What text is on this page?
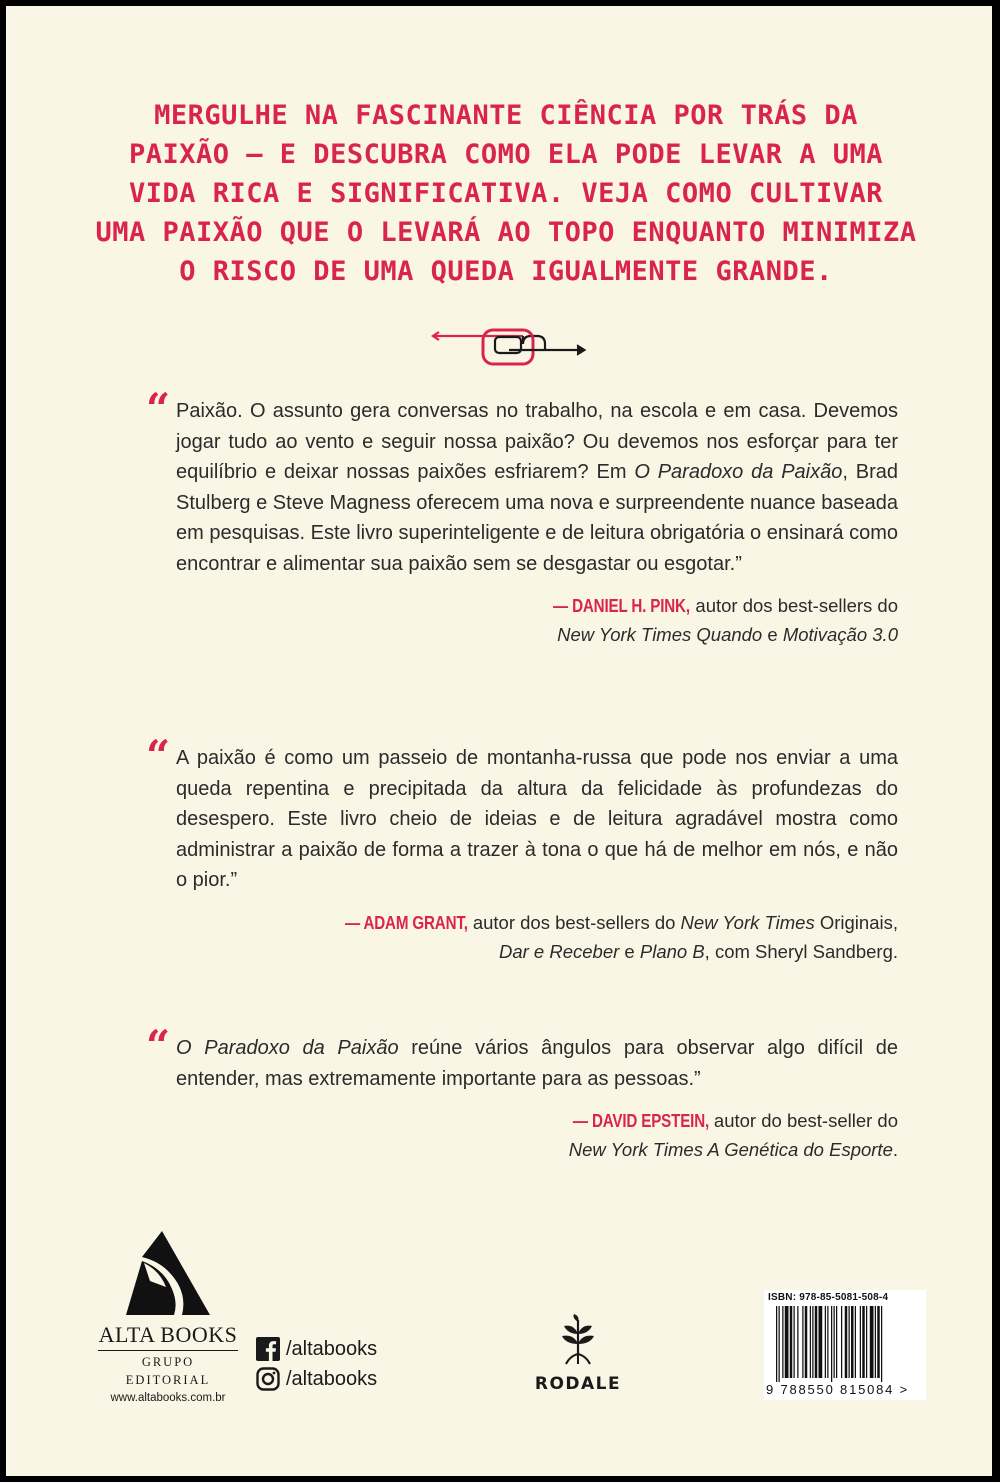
MERGULHE NA FASCINANTE CIÊNCIA POR TRÁS DA
PAIXÃO — E DESCUBRA COMO ELA PODE LEVAR A UMA
VIDA RICA E SIGNIFICATIVA. VEJA COMO CULTIVAR
UMA PAIXÃO QUE O LEVARÁ AO TOPO ENQUANTO MINIMIZA
O RISCO DE UMA QUEDA IGUALMENTE GRANDE.
“ Paixão. O assunto gera conversas no trabalho, na escola e em casa. Devemos jogar tudo ao vento e seguir nossa paixão? Ou devemos nos esforçar para ter equilíbrio e deixar nossas paixões esfriarem? Em O Paradoxo da Paixão, Brad Stulberg e Steve Magness oferecem uma nova e surpreendente nuance baseada em pesquisas. Este livro superinteligente e de leitura obrigatória o ensinará como encontrar e alimentar sua paixão sem se desgastar ou esgotar.”
— DANIEL H. PINK, autor dos best-sellers do
New York Times Quando e Motivação 3.0
“ A paixão é como um passeio de montanha-russa que pode nos enviar a uma queda repentina e precipitada da altura da felicidade às profundezas do desespero. Este livro cheio de ideias e de leitura agradável mostra como administrar a paixão de forma a trazer à tona o que há de melhor em nós, e não o pior.”
— ADAM GRANT, autor dos best-sellers do New York Times Originais,
Dar e Receber e Plano B, com Sheryl Sandberg.
“ O Paradoxo da Paixão reúne vários ângulos para observar algo difícil de entender, mas extremamente importante para as pessoas.”
— DAVID EPSTEIN, autor do best-seller do
New York Times A Genética do Esporte.
ALTA BOOKS
GRUPO EDITORIAL
www.altabooks.com.br
/altabooks
/altabooks	RODALE
ISBN: 978-85-5081-508-4
9 788550 815084 >
